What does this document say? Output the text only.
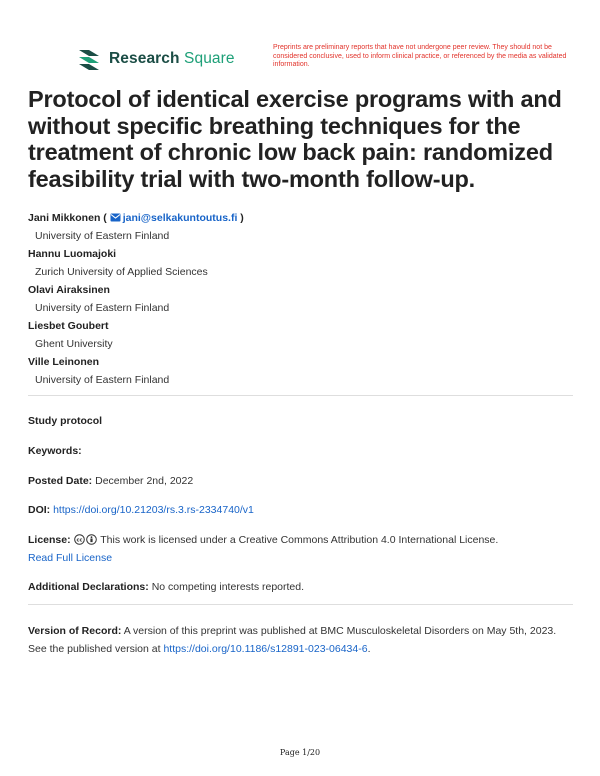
Research Square
Preprints are preliminary reports that have not undergone peer review. They should not be considered conclusive, used to inform clinical practice, or referenced by the media as validated information.
Protocol of identical exercise programs with and without specific breathing techniques for the treatment of chronic low back pain: randomized feasibility trial with two-month follow-up.
Jani Mikkonen ( jani@selkakuntoutus.fi )
University of Eastern Finland
Hannu Luomajoki
Zurich University of Applied Sciences
Olavi Airaksinen
University of Eastern Finland
Liesbet Goubert
Ghent University
Ville Leinonen
University of Eastern Finland
Study protocol
Keywords:
Posted Date: December 2nd, 2022
DOI: https://doi.org/10.21203/rs.3.rs-2334740/v1
License: cc This work is licensed under a Creative Commons Attribution 4.0 International License.
Read Full License
Additional Declarations: No competing interests reported.
Version of Record: A version of this preprint was published at BMC Musculoskeletal Disorders on May 5th, 2023. See the published version at https://doi.org/10.1186/s12891-023-06434-6.
Page 1/20
